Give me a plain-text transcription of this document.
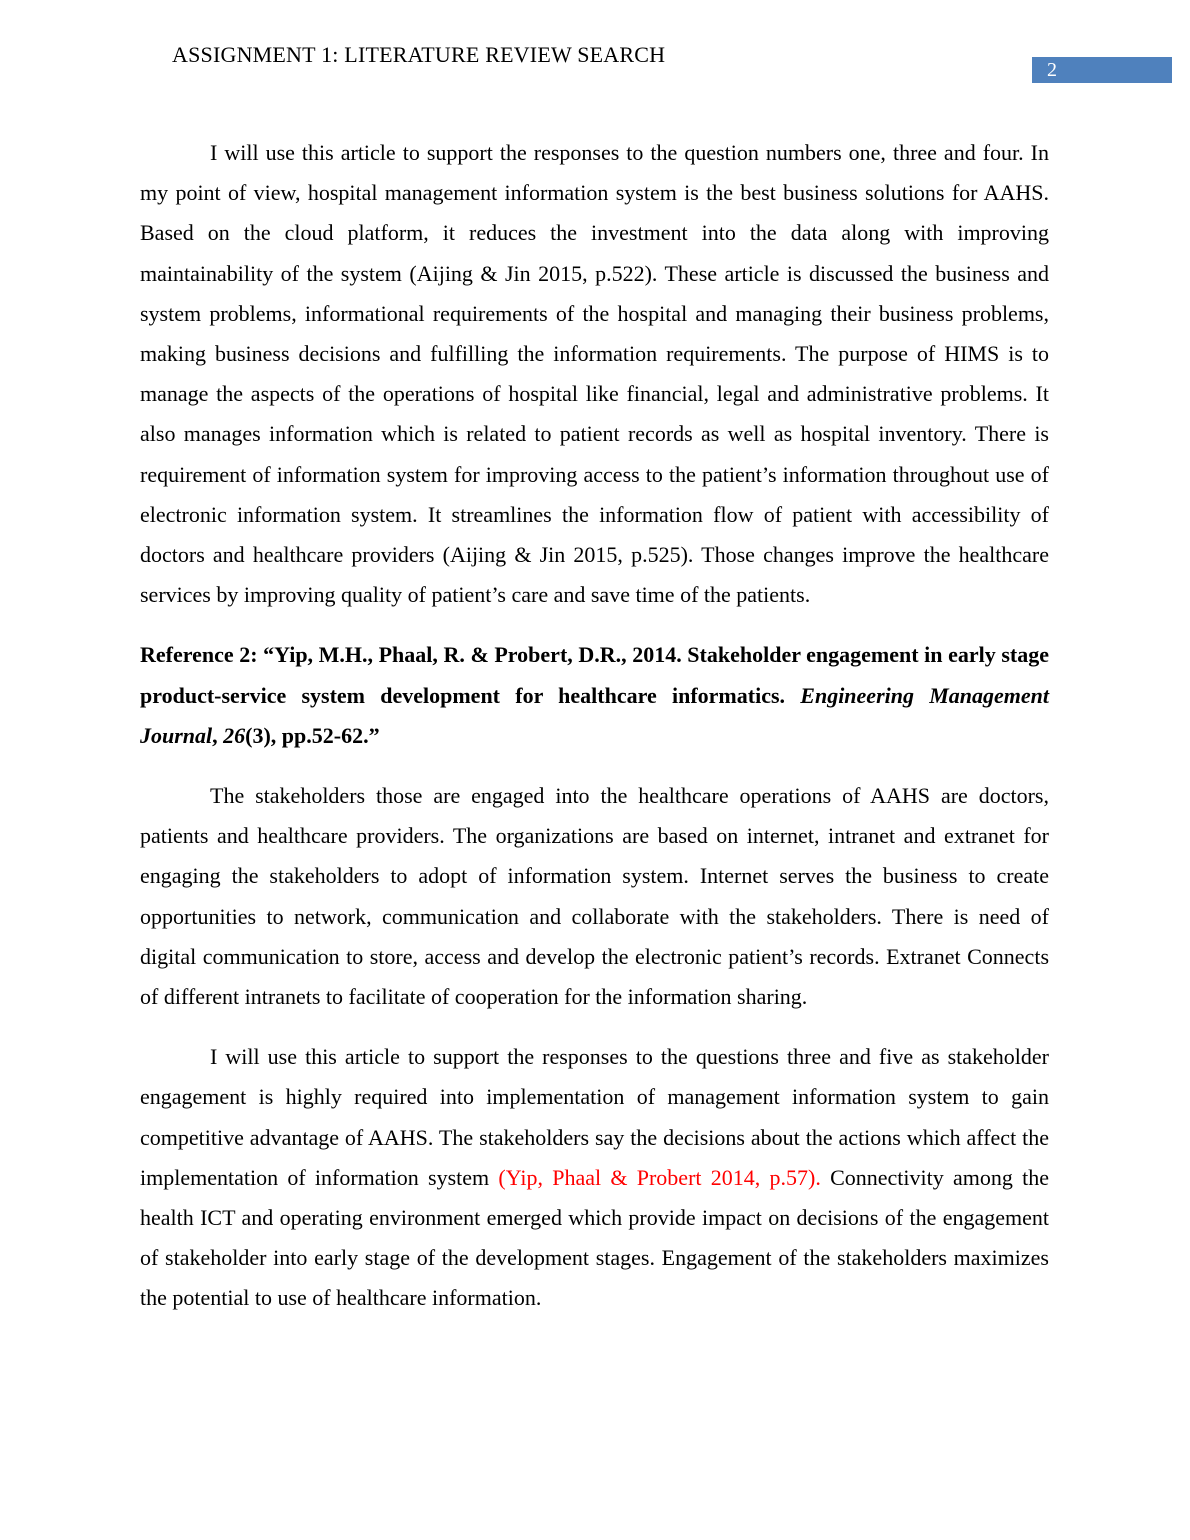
ASSIGNMENT 1: LITERATURE REVIEW SEARCH
2

I will use this article to support the responses to the question numbers one, three and four. In my point of view, hospital management information system is the best business solutions for AAHS. Based on the cloud platform, it reduces the investment into the data along with improving maintainability of the system (Aijing & Jin 2015, p.522). These article is discussed the business and system problems, informational requirements of the hospital and managing their business problems, making business decisions and fulfilling the information requirements. The purpose of HIMS is to manage the aspects of the operations of hospital like financial, legal and administrative problems. It also manages information which is related to patient records as well as hospital inventory. There is requirement of information system for improving access to the patient’s information throughout use of electronic information system. It streamlines the information flow of patient with accessibility of doctors and healthcare providers (Aijing & Jin 2015, p.525). Those changes improve the healthcare services by improving quality of patient’s care and save time of the patients.

Reference 2: “Yip, M.H., Phaal, R. & Probert, D.R., 2014. Stakeholder engagement in early stage product-service system development for healthcare informatics. Engineering Management Journal, 26(3), pp.52-62.”

The stakeholders those are engaged into the healthcare operations of AAHS are doctors, patients and healthcare providers. The organizations are based on internet, intranet and extranet for engaging the stakeholders to adopt of information system. Internet serves the business to create opportunities to network, communication and collaborate with the stakeholders. There is need of digital communication to store, access and develop the electronic patient’s records. Extranet Connects of different intranets to facilitate of cooperation for the information sharing.

I will use this article to support the responses to the questions three and five as stakeholder engagement is highly required into implementation of management information system to gain competitive advantage of AAHS. The stakeholders say the decisions about the actions which affect the implementation of information system (Yip, Phaal & Probert 2014, p.57). Connectivity among the health ICT and operating environment emerged which provide impact on decisions of the engagement of stakeholder into early stage of the development stages. Engagement of the stakeholders maximizes the potential to use of healthcare information.
